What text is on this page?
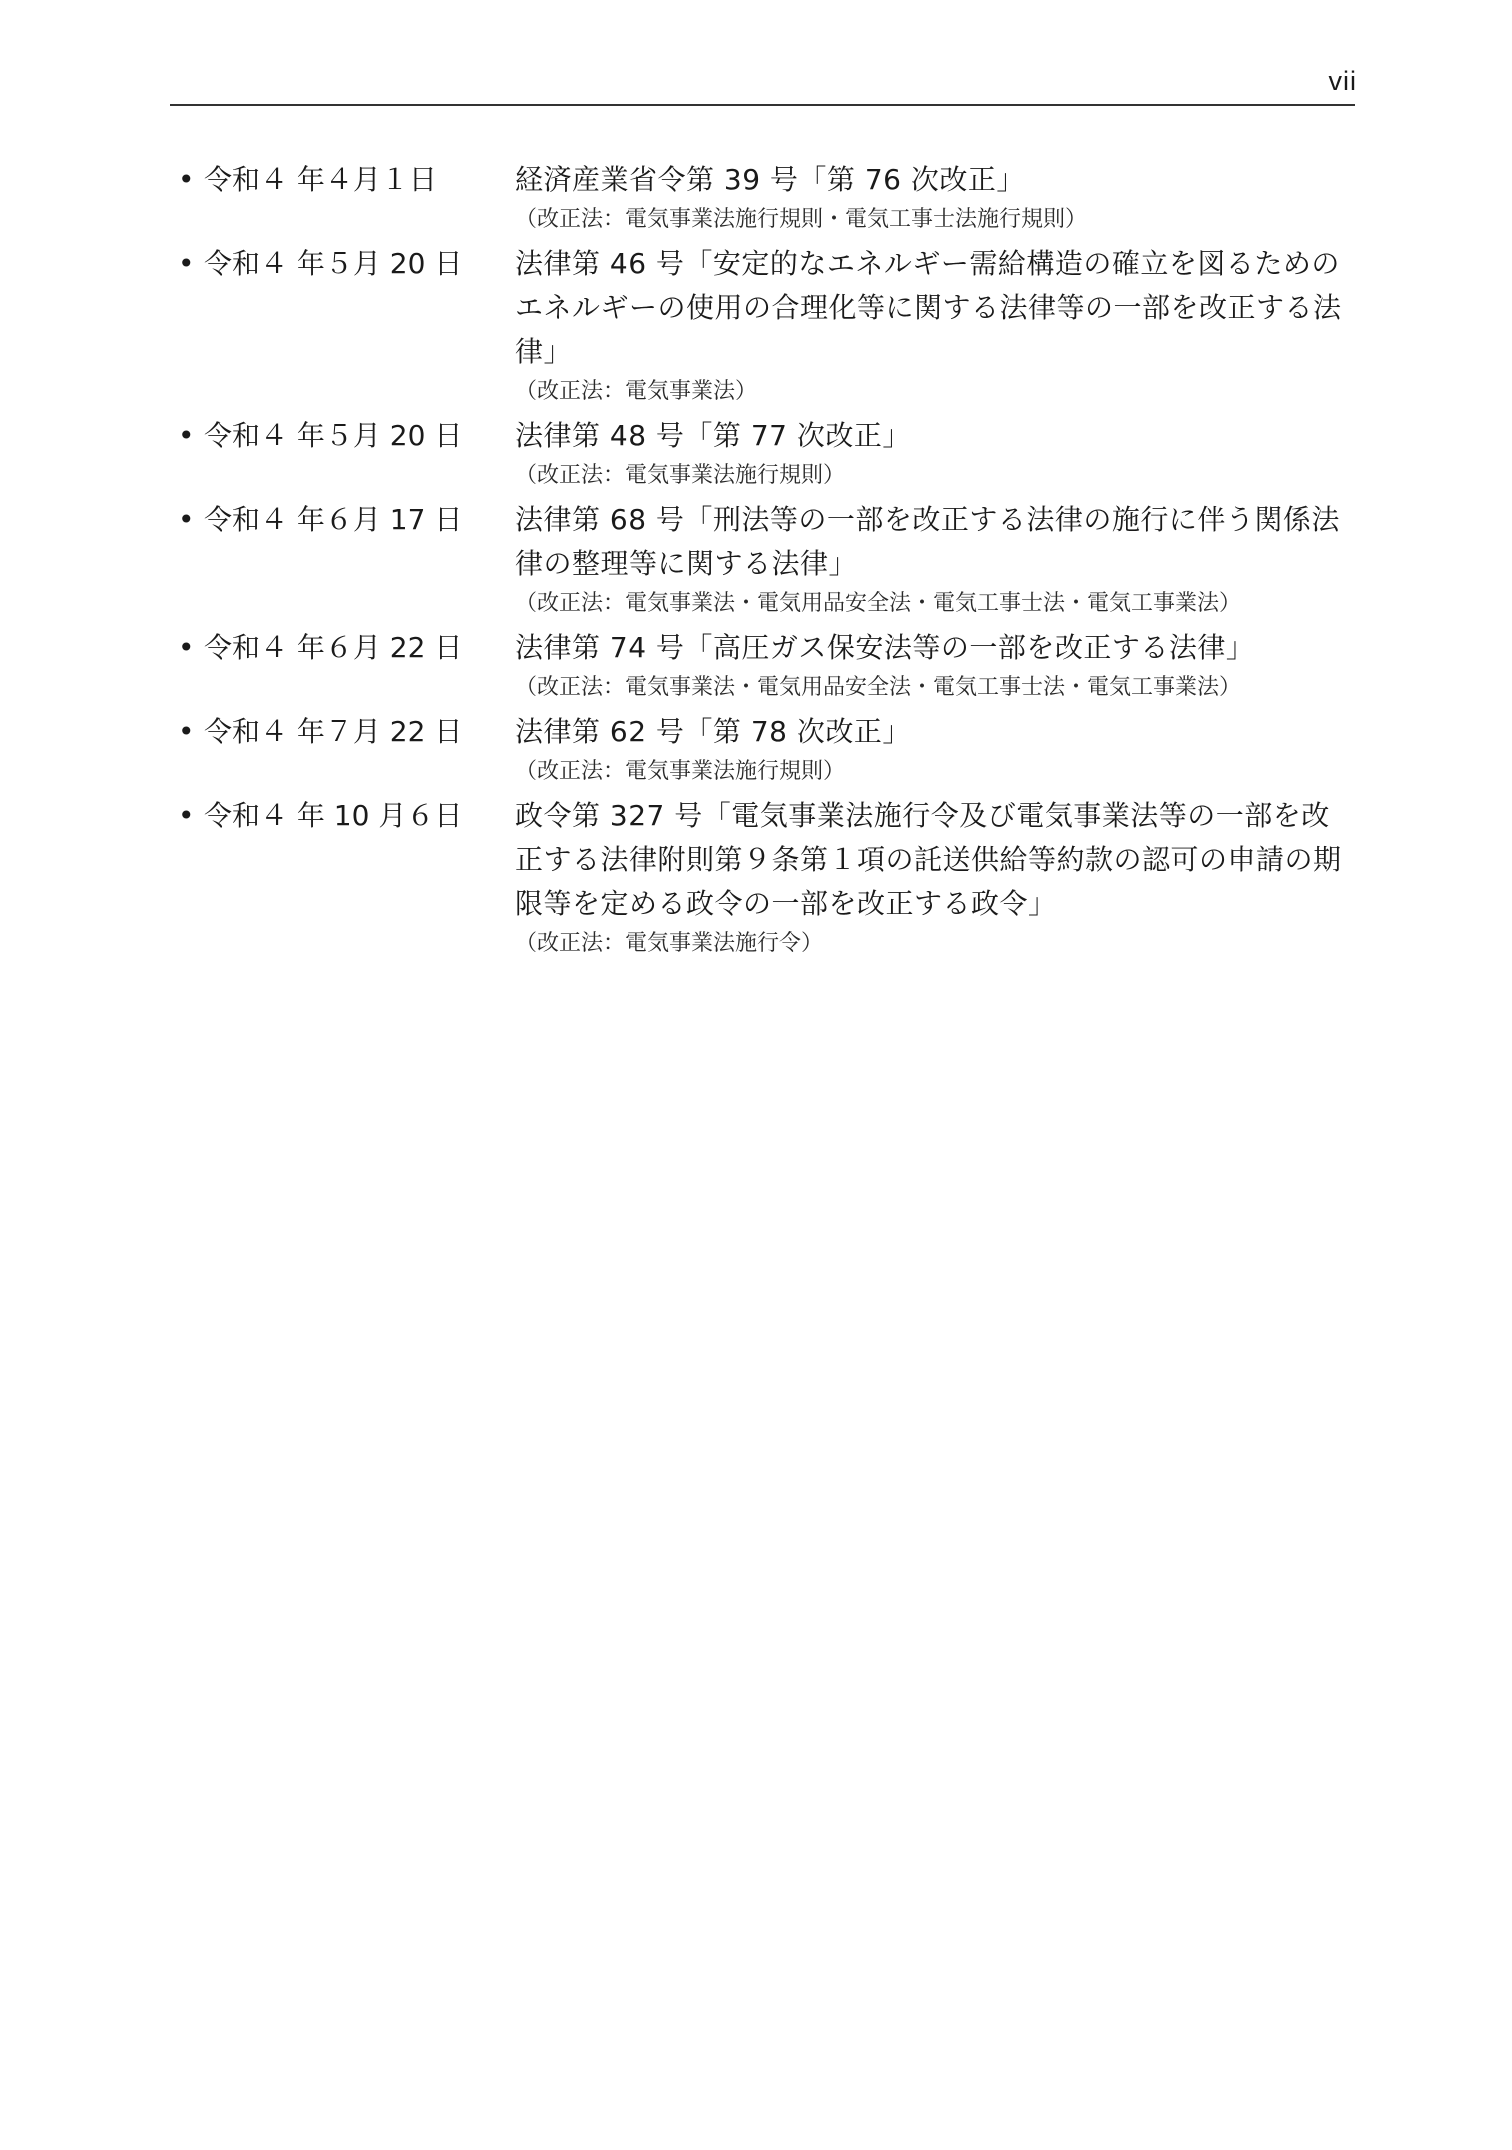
vii
• 令和４ 年４月１日	経済産業省令第 39 号「第 76 次改正」
（改正法：電気事業法施行規則・電気工事士法施行規則）
• 令和４ 年５月 20 日 法律第 46 号「安定的なエネルギー需給構造の確立を図るためのエネルギーの使用の合理化等に関する法律等の一部を改正する法律」
（改正法：電気事業法）
• 令和４ 年５月 20 日 法律第 48 号「第 77 次改正」
（改正法：電気事業法施行規則）
• 令和４ 年６月 17 日 法律第 68 号「刑法等の一部を改正する法律の施行に伴う関係法律の整理等に関する法律」
（改正法：電気事業法・電気用品安全法・電気工事士法・電気工事業法）
• 令和４ 年６月 22 日 法律第 74 号「高圧ガス保安法等の一部を改正する法律」
（改正法：電気事業法・電気用品安全法・電気工事士法・電気工事業法）
• 令和４ 年７月 22 日 法律第 62 号「第 78 次改正」
（改正法：電気事業法施行規則）
• 令和４ 年 10 月６日 政令第 327 号「電気事業法施行令及び電気事業法等の一部を改正する法律附則第９条第１項の託送供給等約款の認可の申請の期限等を定める政令の一部を改正する政令」
（改正法：電気事業法施行令）
